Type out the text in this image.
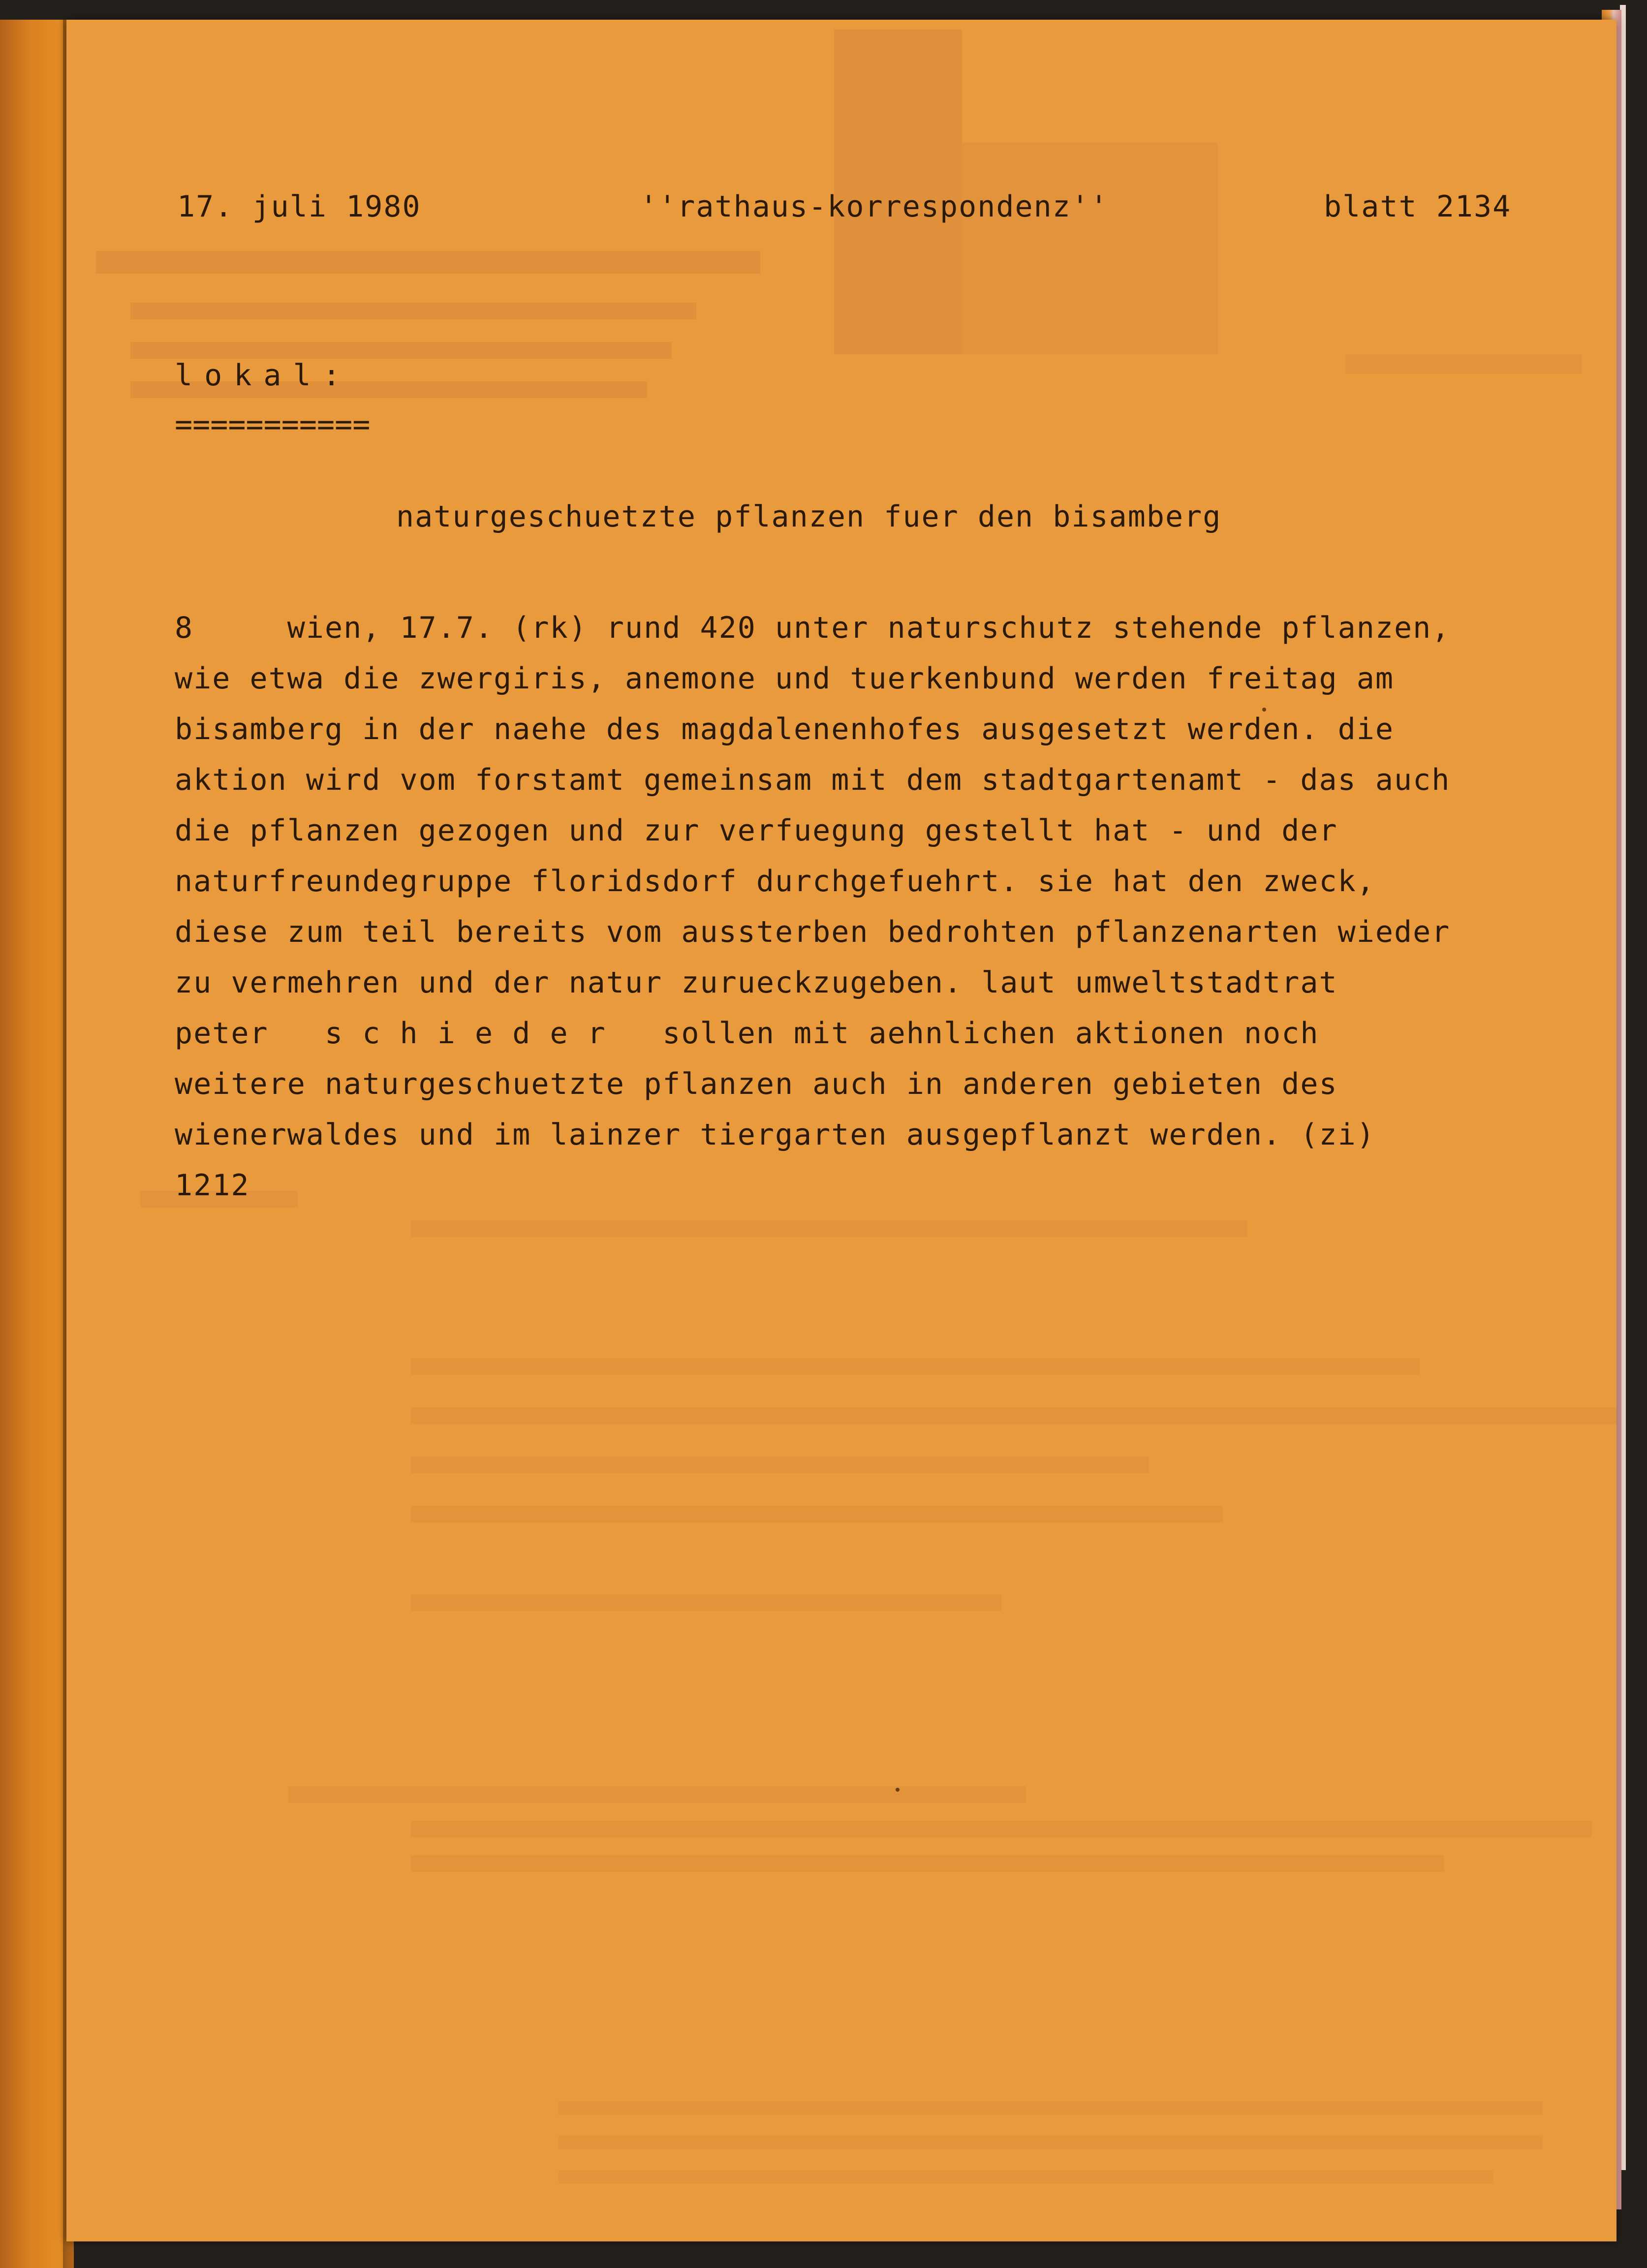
17. juli 1980	''rathaus-korrespondenz''	blatt 2134
lokal:
===========
naturgeschuetzte pflanzen fuer den bisamberg
8     wien, 17.7. (rk) rund 420 unter naturschutz stehende pflanzen,
wie etwa die zwergiris, anemone und tuerkenbund werden freitag am
bisamberg in der naehe des magdalenenhofes ausgesetzt werden. die
aktion wird vom forstamt gemeinsam mit dem stadtgartenamt - das auch
die pflanzen gezogen und zur verfuegung gestellt hat - und der
naturfreundegruppe floridsdorf durchgefuehrt. sie hat den zweck,
diese zum teil bereits vom aussterben bedrohten pflanzenarten wieder
zu vermehren und der natur zurueckzugeben. laut umweltstadtrat
peter   s c h i e d e r   sollen mit aehnlichen aktionen noch
weitere naturgeschuetzte pflanzen auch in anderen gebieten des
wienerwaldes und im lainzer tiergarten ausgepflanzt werden. (zi)
1212
